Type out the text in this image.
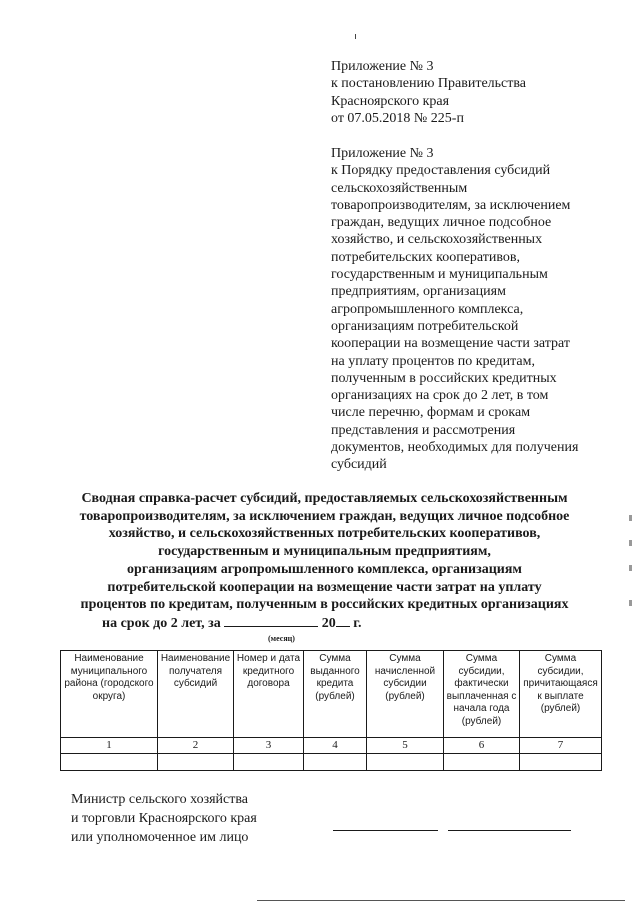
Приложение № 3
к постановлению Правительства
Красноярского края
от 07.05.2018 № 225-п
Приложение № 3
к Порядку предоставления субсидий
сельскохозяйственным
товаропроизводителям, за исключением
граждан, ведущих личное подсобное
хозяйство, и сельскохозяйственных
потребительских кооперативов,
государственным и муниципальным
предприятиям, организациям
агропромышленного комплекса,
организациям потребительской
кооперации на возмещение части затрат
на уплату процентов по кредитам,
полученным в российских кредитных
организациях на срок до 2 лет, в том
числе перечню, формам и срокам
представления и рассмотрения
документов, необходимых для получения
субсидий
Сводная справка-расчет субсидий, предоставляемых сельскохозяйственным
товаропроизводителям, за исключением граждан, ведущих личное подсобное
хозяйство, и сельскохозяйственных потребительских кооперативов,
государственным и муниципальным предприятиям,
организациям агропромышленного комплекса, организациям
потребительской кооперации на возмещение части затрат на уплату
процентов по кредитам, полученным в российских кредитных организациях
на срок до 2 лет, за	20 г.
(месяц)
Наименование муниципального района (городского округа)	Наименование получателя субсидий	Номер и дата кредитного договора	Сумма выданного кредита (рублей)	Сумма начисленной субсидии (рублей)	Сумма субсидии, фактически выплаченная с начала года (рублей)	Сумма субсидии, причитающаяся к выплате (рублей)
1	2	3	4	5	6	7

Министр сельского хозяйства
и торговли Красноярского края
или уполномоченное им лицо
